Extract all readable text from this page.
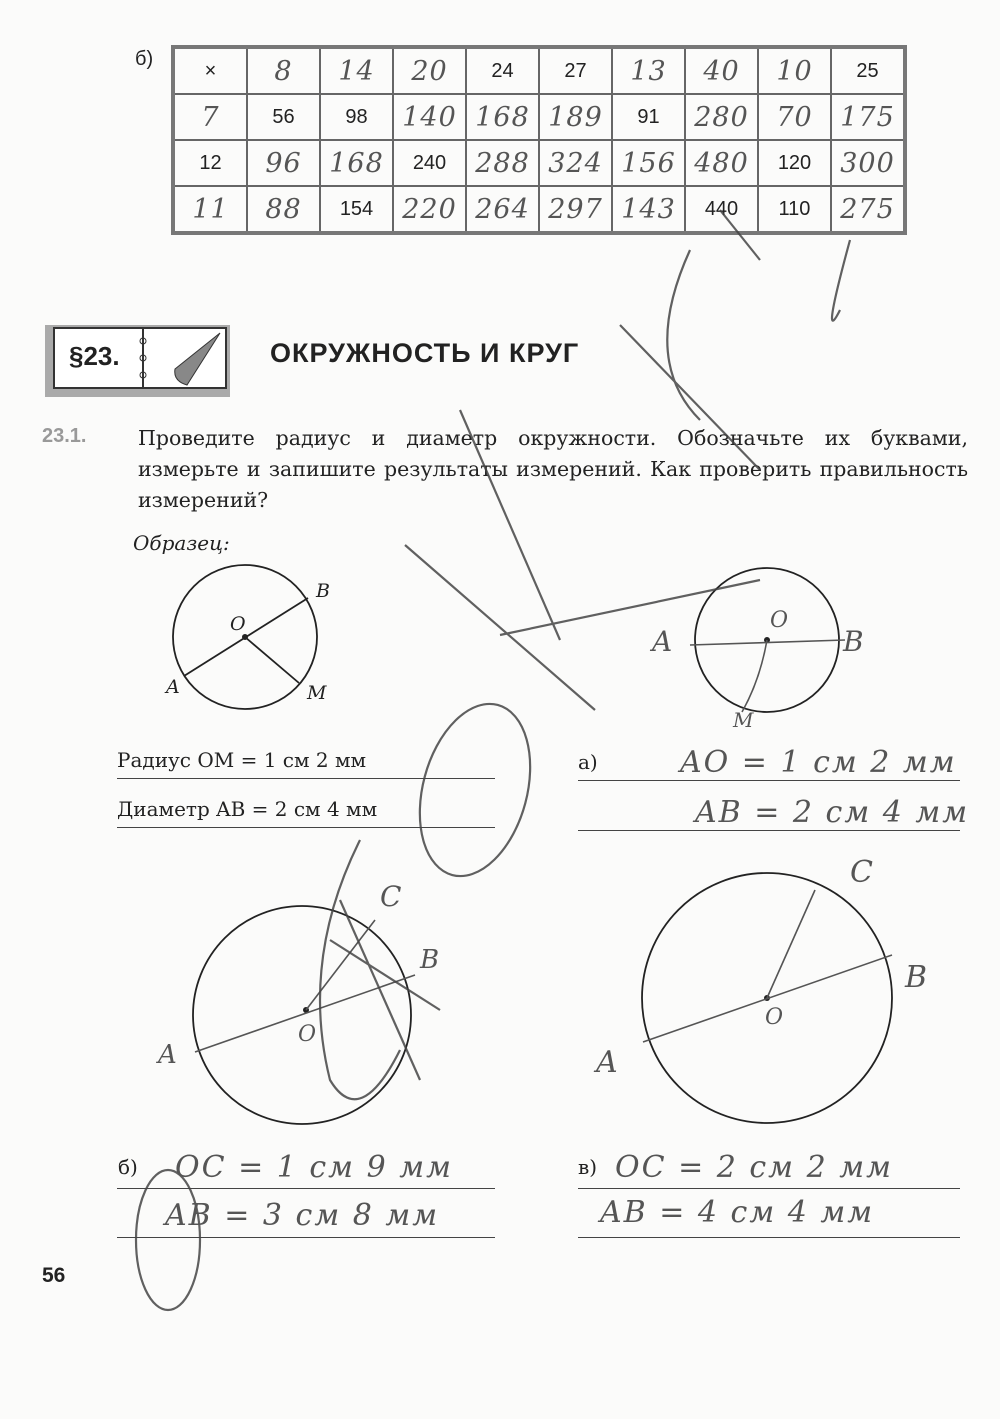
б)
×	8	14	20	24	27	13	40	10	25
7	56	98	140	168	189	91	280	70	175
12	96	168	240	288	324	156	480	120	300
11	88	154	220	264	297	143	440	110	275
§23.	ОКРУЖНОСТЬ И КРУГ
23.1.	Проведите радиус и диаметр окружности. Обозначьте их буквами, измерьте и запишите результаты измерений. Как проверить правильность измерений?
Образец:
O
B
A	M
A
O
B
M
A
O
B
C
A
O
B
C
Радиус OM = 1 см 2 мм
Диаметр AB = 2 см 4 мм
а)	AO = 1 см 2 мм
AB = 2 см 4 мм
б) OC = 1 см 9 мм
AB = 3 см 8 мм
в) OC = 2 см 2 мм
AB = 4 см 4 мм
56
